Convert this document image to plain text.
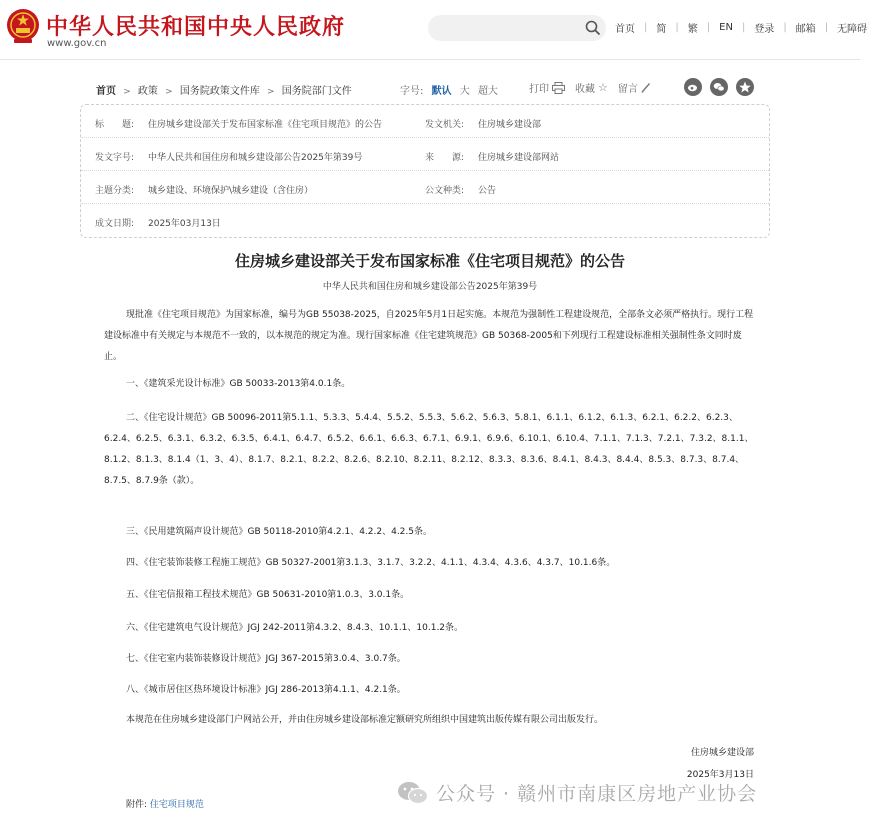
中华人民共和国中央人民政府
www.gov.cn
首页 | 简 | 繁 | EN | 登录 | 邮箱 | 无障碍
首页 > 政策 > 国务院政策文件库 > 国务院部门文件	字号: 默认 大 超大	打印	收藏 ☆ 留言
标　　题: 住房城乡建设部关于发布国家标准《住宅项目规范》的公告	发文机关: 住房城乡建设部
发文字号: 中华人民共和国住房和城乡建设部公告2025年第39号	来　　源: 住房城乡建设部网站
主题分类: 城乡建设、环境保护\城乡建设（含住房）	公文种类: 公告
成文日期: 2025年03月13日
住房城乡建设部关于发布国家标准《住宅项目规范》的公告
中华人民共和国住房和城乡建设部公告2025年第39号
现批准《住宅项目规范》为国家标准，编号为GB 55038-2025，自2025年5月1日起实施。本规范为强制性工程建设规范，全部条文必须严格执行。现行工程建设标准中有关规定与本规范不一致的，以本规范的规定为准。现行国家标准《住宅建筑规范》GB 50368-2005和下列现行工程建设标准相关强制性条文同时废止。
一、《建筑采光设计标准》GB 50033-2013第4.0.1条。
二、《住宅设计规范》GB 50096-2011第5.1.1、5.3.3、5.4.4、5.5.2、5.5.3、5.6.2、5.6.3、5.8.1、6.1.1、6.1.2、6.1.3、6.2.1、6.2.2、6.2.3、6.2.4、6.2.5、6.3.1、6.3.2、6.3.5、6.4.1、6.4.7、6.5.2、6.6.1、6.6.3、6.7.1、6.9.1、6.9.6、6.10.1、6.10.4、7.1.1、7.1.3、7.2.1、7.3.2、8.1.1、8.1.2、8.1.3、8.1.4（1、3、4）、8.1.7、8.2.1、8.2.2、8.2.6、8.2.10、8.2.11、8.2.12、8.3.3、8.3.6、8.4.1、8.4.3、8.4.4、8.5.3、8.7.3、8.7.4、8.7.5、8.7.9条（款）。
三、《民用建筑隔声设计规范》GB 50118-2010第4.2.1、4.2.2、4.2.5条。
四、《住宅装饰装修工程施工规范》GB 50327-2001第3.1.3、3.1.7、3.2.2、4.1.1、4.3.4、4.3.6、4.3.7、10.1.6条。
五、《住宅信报箱工程技术规范》GB 50631-2010第1.0.3、3.0.1条。
六、《住宅建筑电气设计规范》JGJ 242-2011第4.3.2、8.4.3、10.1.1、10.1.2条。
七、《住宅室内装饰装修设计规范》JGJ 367-2015第3.0.4、3.0.7条。
八、《城市居住区热环境设计标准》JGJ 286-2013第4.1.1、4.2.1条。
本规范在住房城乡建设部门户网站公开，并由住房城乡建设部标准定额研究所组织中国建筑出版传媒有限公司出版发行。
住房城乡建设部
2025年3月13日
附件: 住宅项目规范	公众号 · 赣州市南康区房地产业协会
